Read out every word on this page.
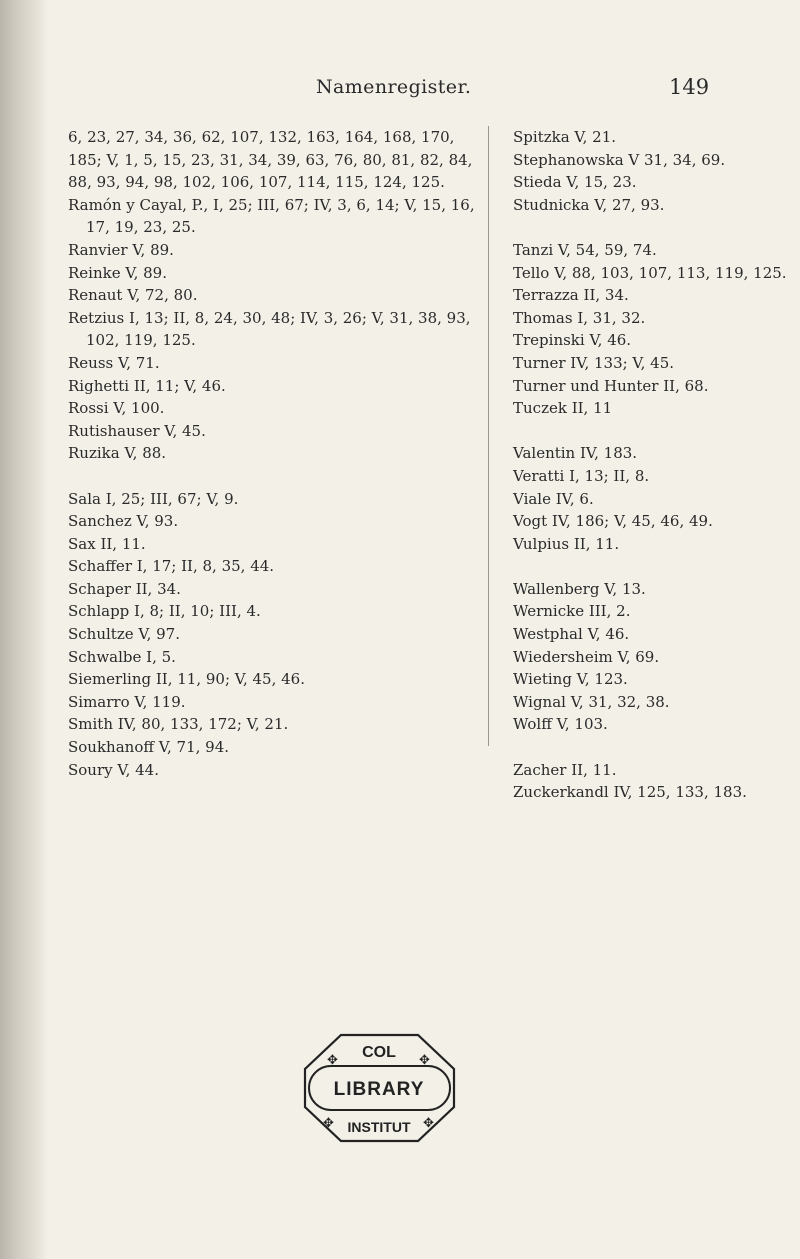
Namenregister.	149
6, 23, 27, 34, 36, 62, 107, 132, 163, 164, 168, 170, 185; V, 1, 5, 15, 23, 31, 34, 39, 63, 76, 80, 81, 82, 84, 88, 93, 94, 98, 102, 106, 107, 114, 115, 124, 125.
Ramón y Cayal, P., I, 25; III, 67; IV, 3, 6, 14; V, 15, 16, 17, 19, 23, 25.
Ranvier V, 89.
Reinke V, 89.
Renaut V, 72, 80.
Retzius I, 13; II, 8, 24, 30, 48; IV, 3, 26; V, 31, 38, 93, 102, 119, 125.
Reuss V, 71.
Righetti II, 11; V, 46.
Rossi V, 100.
Rutishauser V, 45.
Ruzika V, 88.
Sala I, 25; III, 67; V, 9.
Sanchez V, 93.
Sax II, 11.
Schaffer I, 17; II, 8, 35, 44.
Schaper II, 34.
Schlapp I, 8; II, 10; III, 4.
Schultze V, 97.
Schwalbe I, 5.
Siemerling II, 11, 90; V, 45, 46.
Simarro V, 119.
Smith IV, 80, 133, 172; V, 21.
Soukhanoff V, 71, 94.
Soury V, 44.
Spitzka V, 21.
Stephanowska V 31, 34, 69.
Stieda V, 15, 23.
Studnicka V, 27, 93.
Tanzi V, 54, 59, 74.
Tello V, 88, 103, 107, 113, 119, 125.
Terrazza II, 34.
Thomas I, 31, 32.
Trepinski V, 46.
Turner IV, 133; V, 45.
Turner und Hunter II, 68.
Tuczek II, 11
Valentin IV, 183.
Veratti I, 13; II, 8.
Viale IV, 6.
Vogt IV, 186; V, 45, 46, 49.
Vulpius II, 11.
Wallenberg V, 13.
Wernicke III, 2.
Westphal V, 46.
Wiedersheim V, 69.
Wieting V, 123.
Wignal V, 31, 32, 38.
Wolff V, 103.
Zacher II, 11.
Zuckerkandl IV, 125, 133, 183.
✥	✥
✥	✥
COL
LIBRARY
INSTITUT
